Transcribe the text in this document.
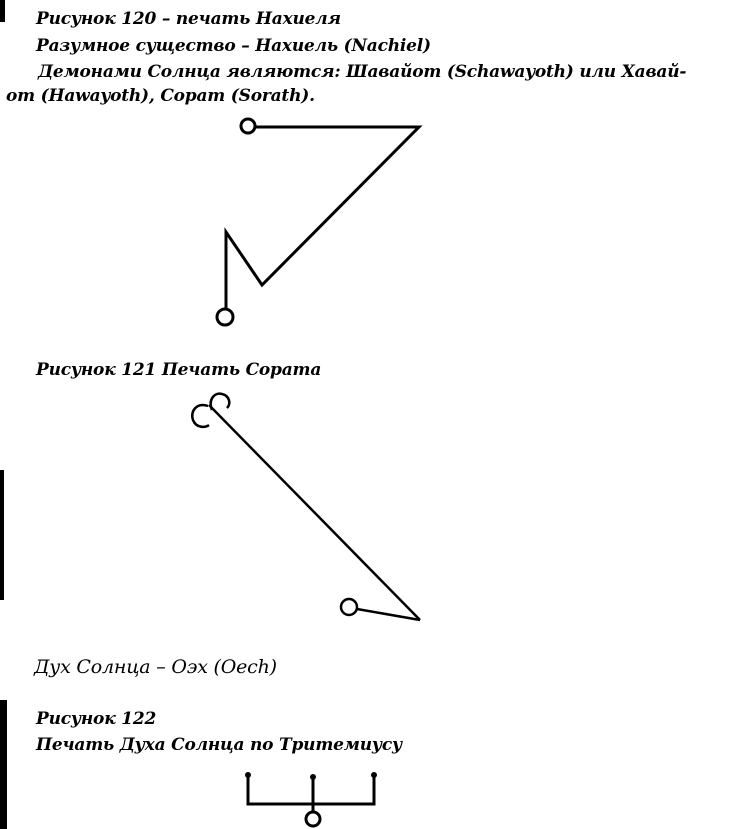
Рисунок 120 – печать Нахиеля
Разумное существо – Нахиель (Nachiel)
Демонами Солнца являются: Шавайот (Schawayoth) или Хавай-
от (Hawayoth), Сорат (Sorath).
Рисунок 121 Печать Сората
Дух Солнца – Оэх (Oech)
Рисунок 122
Печать Духа Солнца по Тритемиусу
